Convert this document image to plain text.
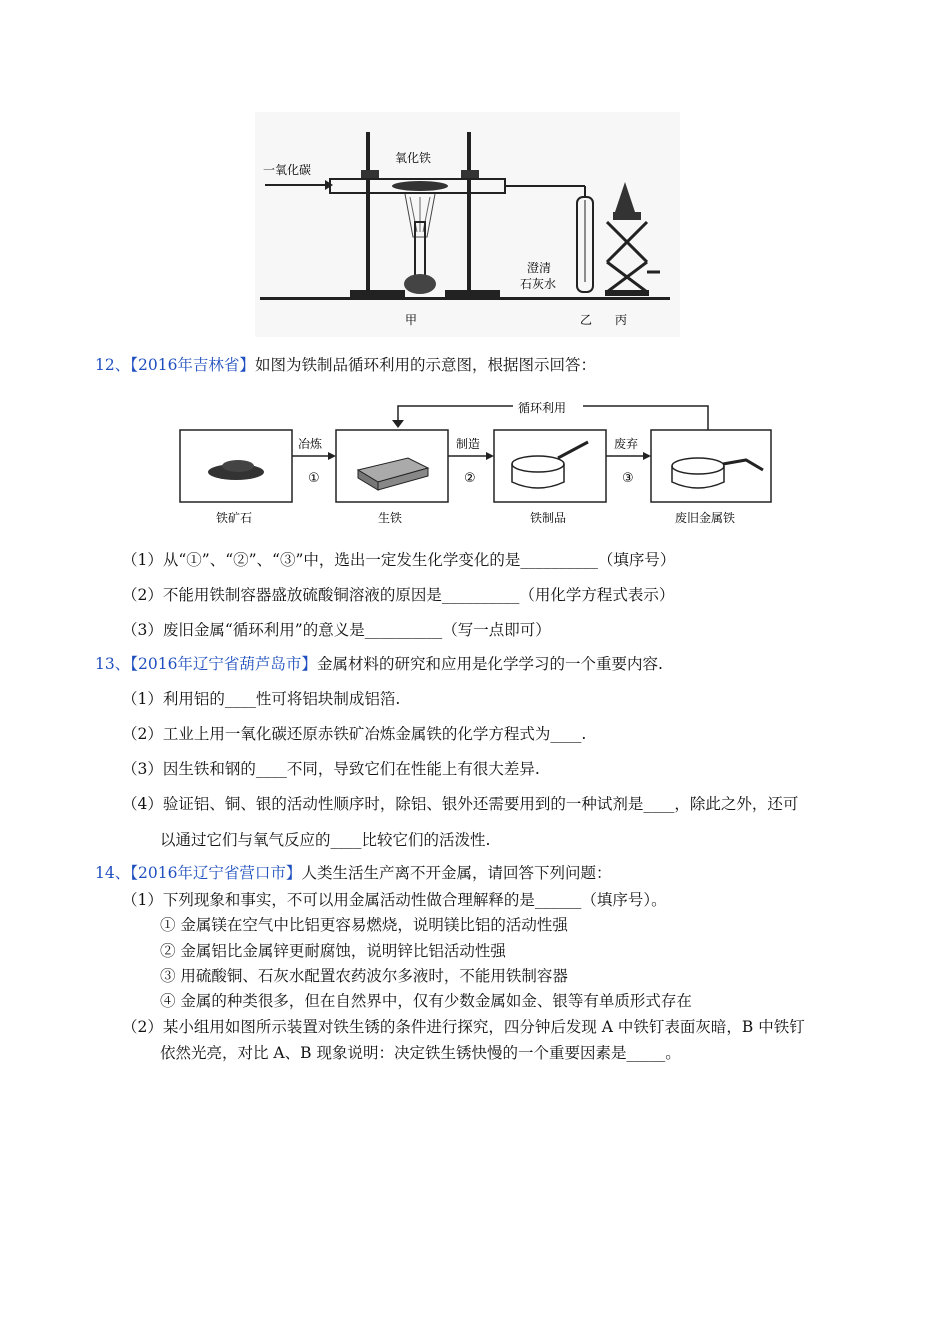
一氧化碳
氧化铁
澄清
石灰水
甲	乙 丙
12、【2016年吉林省】如图为铁制品循环利用的示意图，根据图示回答：
循环利用
冶炼	制造	废弃
①	②	③
铁矿石	生铁	铁制品	废旧金属铁
（1）从“①”、“②”、“③”中，选出一定发生化学变化的是__________（填序号）
（2）不能用铁制容器盛放硫酸铜溶液的原因是__________（用化学方程式表示）
（3）废旧金属“循环利用”的意义是__________（写一点即可）
13、【2016年辽宁省葫芦岛市】金属材料的研究和应用是化学学习的一个重要内容.
（1）利用铝的____性可将铝块制成铝箔.
（2）工业上用一氧化碳还原赤铁矿冶炼金属铁的化学方程式为____.
（3）因生铁和钢的____不同，导致它们在性能上有很大差异.
（4）验证铝、铜、银的活动性顺序时，除铝、银外还需要用到的一种试剂是____，除此之外，还可
以通过它们与氧气反应的____比较它们的活泼性.
14、【2016年辽宁省营口市】人类生活生产离不开金属，请回答下列问题：
（1）下列现象和事实，不可以用金属活动性做合理解释的是______（填序号）。
① 金属镁在空气中比铝更容易燃烧，说明镁比铝的活动性强
② 金属铝比金属锌更耐腐蚀，说明锌比铝活动性强
③ 用硫酸铜、石灰水配置农药波尔多液时，不能用铁制容器
④ 金属的种类很多，但在自然界中，仅有少数金属如金、银等有单质形式存在
（2）某小组用如图所示装置对铁生锈的条件进行探究，四分钟后发现 A 中铁钉表面灰暗，B 中铁钉
依然光亮，对比 A、B 现象说明：决定铁生锈快慢的一个重要因素是_____。
